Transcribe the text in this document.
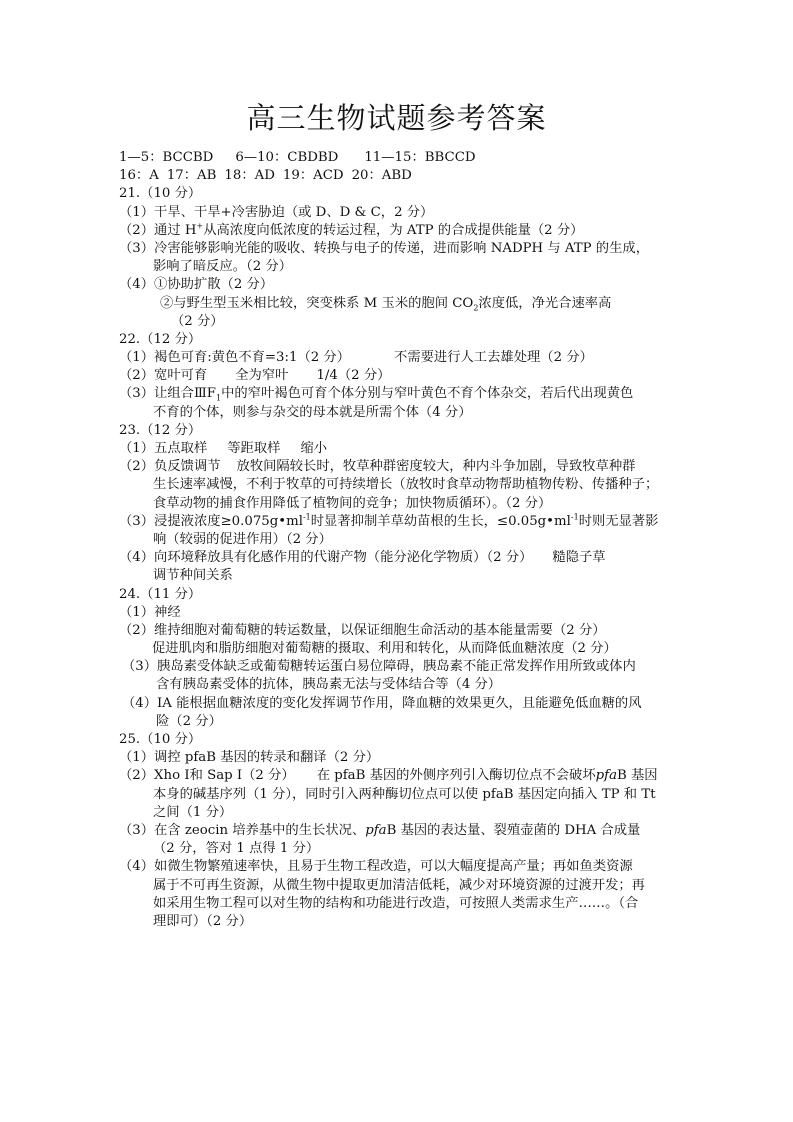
高三生物试题参考答案
1—5：BCCBD 6—10：CBDBD 11—15：BBCCD
16：A 17：AB 18：AD 19：ACD 20：ABD
21.（10 分）
（1）干旱、干旱+冷害胁迫（或 D、D & C，2 分）
（2）通过 H+从高浓度向低浓度的转运过程，为 ATP 的合成提供能量（2 分）
（3）冷害能够影响光能的吸收、转换与电子的传递，进而影响 NADPH 与 ATP 的生成，
影响了暗反应。（2 分）
（4）①协助扩散（2 分）
②与野生型玉米相比较，突变株系 M 玉米的胞间 $CO_2$浓度低，净光合速率高
（2 分）
22.（12 分）
（1）褐色可育:黄色不育=3:1（2 分）	不需要进行人工去雄处理（2 分）
（2）宽叶可育 全为窄叶 1/4（2 分）
（3）让组合$ⅢF_1$中的窄叶褐色可育个体分别与窄叶黄色不育个体杂交，若后代出现黄色
不育的个体，则参与杂交的母本就是所需个体（4 分）
23.（12 分）
（1）五点取样 等距取样 缩小
（2）负反馈调节 放牧间隔较长时，牧草种群密度较大，种内斗争加剧，导致牧草种群
生长速率减慢，不利于牧草的可持续增长（放牧时食草动物帮助植物传粉、传播种子；
食草动物的捕食作用降低了植物间的竞争；加快物质循环）。（2 分）
（3）浸提液浓度$\ge 0.075g•ml^{-1}$时显著抑制羊草幼苗根的生长，$\le 0.05g•ml^{-1}$时则无显著影
响（较弱的促进作用）（2 分）
（4）向环境释放具有化感作用的代谢产物（能分泌化学物质）（2 分） 糙隐子草
调节种间关系
24.（11 分）
（1）神经
（2）维持细胞对葡萄糖的转运数量，以保证细胞生命活动的基本能量需要（2 分）
促进肌肉和脂肪细胞对葡萄糖的摄取、利用和转化，从而降低血糖浓度（2 分）
（3）胰岛素受体缺乏或葡萄糖转运蛋白易位障碍，胰岛素不能正常发挥作用所致或体内
含有胰岛素受体的抗体，胰岛素无法与受体结合等（4 分）
（4）IA 能根据血糖浓度的变化发挥调节作用，降血糖的效果更久，且能避免低血糖的风
险（2 分）
25.（10 分）
（1）调控 pfaB 基因的转录和翻译（2 分）
（2）Xho Ⅰ和 Sap Ⅰ（2 分） 在 pfaB 基因的外侧序列引入酶切位点不会破坏pfaB 基因
本身的碱基序列（1 分），同时引入两种酶切位点可以使 pfaB 基因定向插入 TP 和 Tt
之间（1 分）
（3）在含 zeocin 培养基中的生长状况、pfaB 基因的表达量、裂殖壶菌的 DHA 合成量
（2 分，答对 1 点得 1 分）
（4）如微生物繁殖速率快，且易于生物工程改造，可以大幅度提高产量；再如鱼类资源
属于不可再生资源，从微生物中提取更加清洁低耗，减少对环境资源的过渡开发；再
如采用生物工程可以对生物的结构和功能进行改造，可按照人类需求生产……。（合
理即可）（2 分）
